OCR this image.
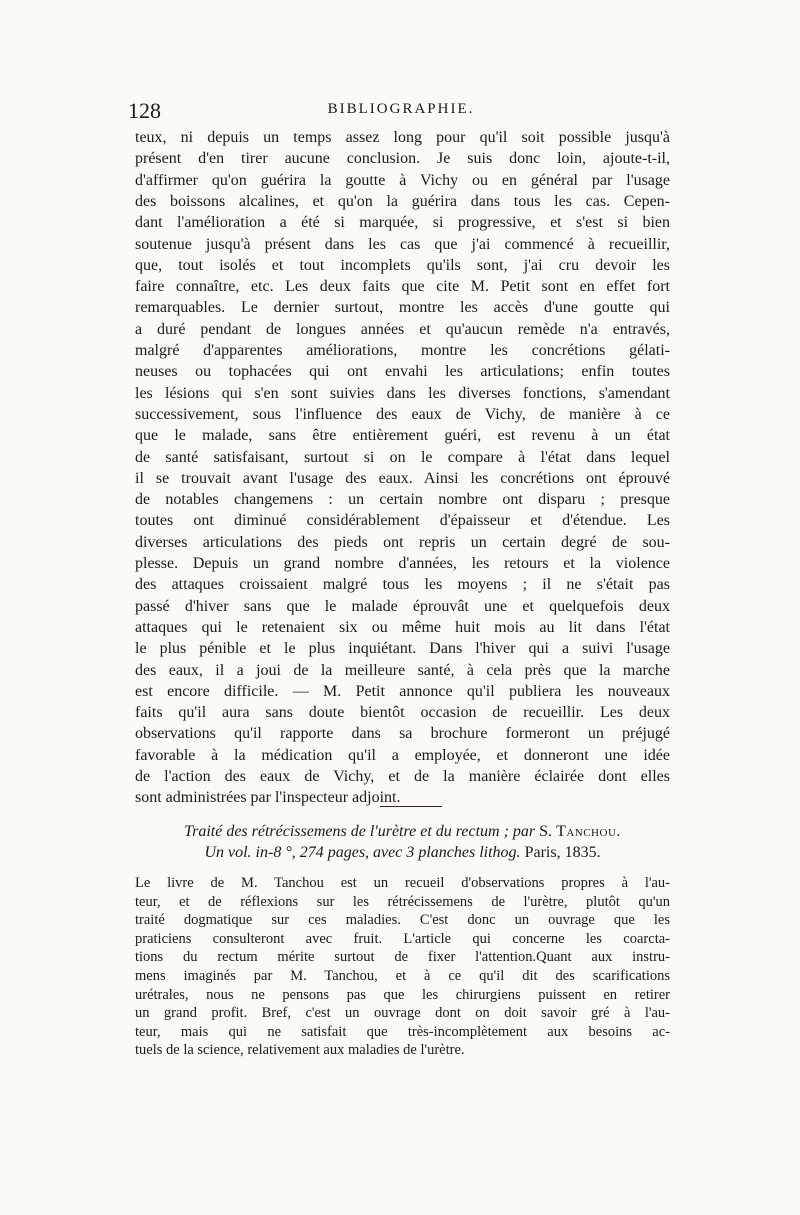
128	BIBLIOGRAPHIE.
teux, ni depuis un temps assez long pour qu'il soit possible jusqu'à
présent d'en tirer aucune conclusion. Je suis donc loin, ajoute-t-il,
d'affirmer qu'on guérira la goutte à Vichy ou en général par l'usage
des boissons alcalines, et qu'on la guérira dans tous les cas. Cepen-
dant l'amélioration a été si marquée, si progressive, et s'est si bien
soutenue jusqu'à présent dans les cas que j'ai commencé à recueillir,
que, tout isolés et tout incomplets qu'ils sont, j'ai cru devoir les
faire connaître, etc. Les deux faits que cite M. Petit sont en effet fort
remarquables. Le dernier surtout, montre les accès d'une goutte qui
a duré pendant de longues années et qu'aucun remède n'a entravés,
malgré d'apparentes améliorations, montre les concrétions gélati-
neuses ou tophacées qui ont envahi les articulations; enfin toutes
les lésions qui s'en sont suivies dans les diverses fonctions, s'amendant
successivement, sous l'influence des eaux de Vichy, de manière à ce
que le malade, sans être entièrement guéri, est revenu à un état
de santé satisfaisant, surtout si on le compare à l'état dans lequel
il se trouvait avant l'usage des eaux. Ainsi les concrétions ont éprouvé
de notables changemens : un certain nombre ont disparu ; presque
toutes ont diminué considérablement d'épaisseur et d'étendue. Les
diverses articulations des pieds ont repris un certain degré de sou-
plesse. Depuis un grand nombre d'années, les retours et la violence
des attaques croissaient malgré tous les moyens ; il ne s'était pas
passé d'hiver sans que le malade éprouvât une et quelquefois deux
attaques qui le retenaient six ou même huit mois au lit dans l'état
le plus pénible et le plus inquiétant. Dans l'hiver qui a suivi l'usage
des eaux, il a joui de la meilleure santé, à cela près que la marche
est encore difficile. — M. Petit annonce qu'il publiera les nouveaux
faits qu'il aura sans doute bientôt occasion de recueillir. Les deux
observations qu'il rapporte dans sa brochure formeront un préjugé
favorable à la médication qu'il a employée, et donneront une idée
de l'action des eaux de Vichy, et de la manière éclairée dont elles
sont administrées par l'inspecteur adjoint.
Traité des rétrécissemens de l'urètre et du rectum ; par S. Tanchou.
Un vol. in-8 °, 274 pages, avec 3 planches lithog. Paris, 1835.
Le livre de M. Tanchou est un recueil d'observations propres à l'au-
teur, et de réflexions sur les rétrécissemens de l'urètre, plutôt qu'un
traité dogmatique sur ces maladies. C'est donc un ouvrage que les
praticiens consulteront avec fruit. L'article qui concerne les coarcta-
tions du rectum mérite surtout de fixer l'attention.Quant aux instru-
mens imaginés par M. Tanchou, et à ce qu'il dit des scarifications
urétrales, nous ne pensons pas que les chirurgiens puissent en retirer
un grand profit. Bref, c'est un ouvrage dont on doit savoir gré à l'au-
teur, mais qui ne satisfait que très-incomplètement aux besoins ac-
tuels de la science, relativement aux maladies de l'urètre.
